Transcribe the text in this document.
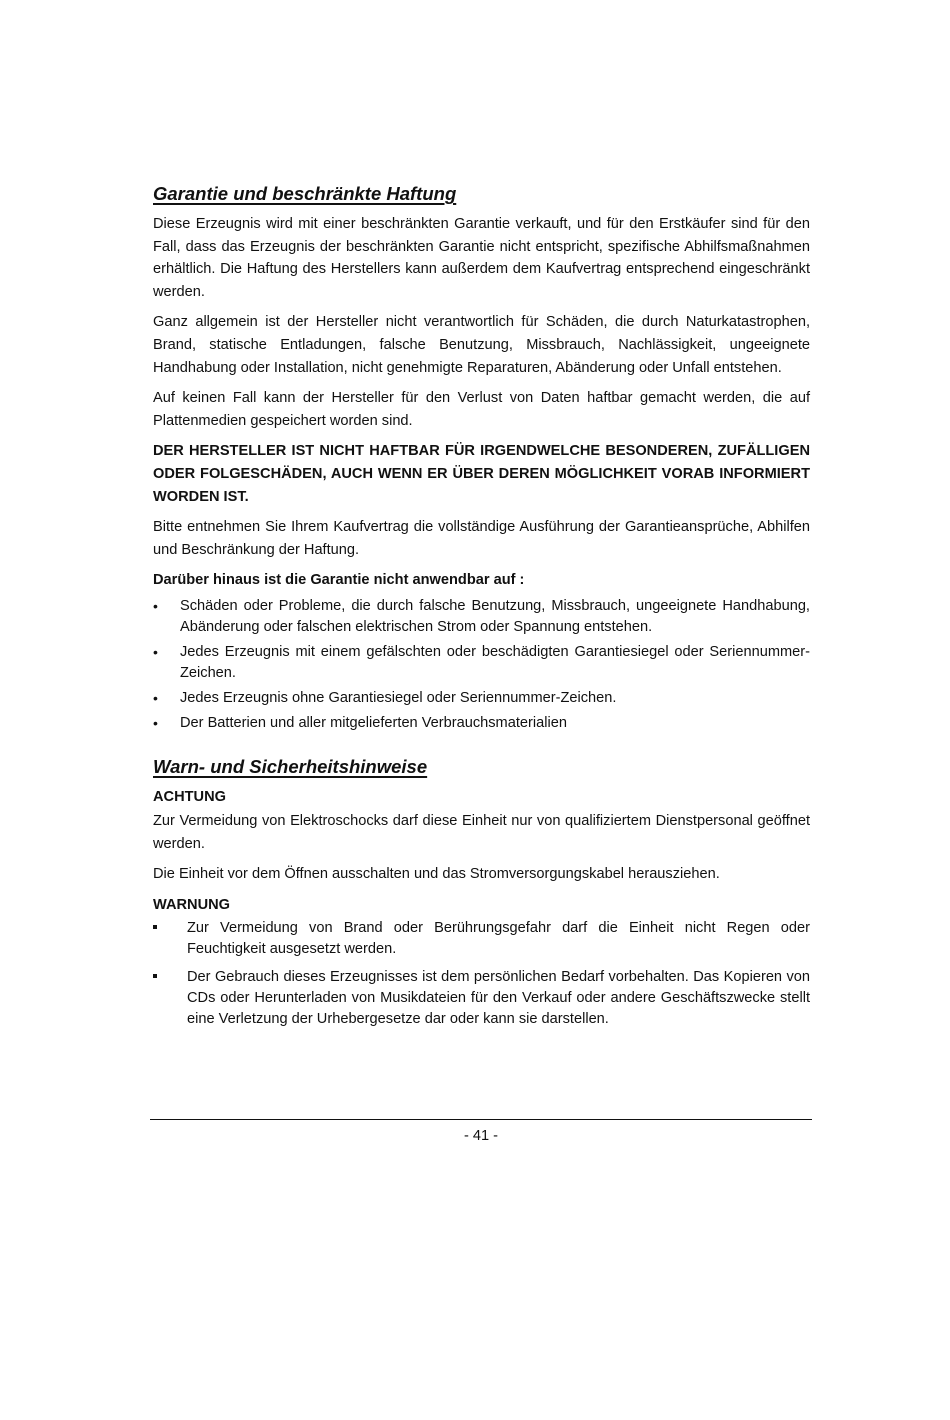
Garantie und beschränkte Haftung

Diese Erzeugnis wird mit einer beschränkten Garantie verkauft, und für den Erstkäufer sind für den Fall, dass das Erzeugnis der beschränkten Garantie nicht entspricht, spezifische Abhilfsmaßnahmen erhältlich. Die Haftung des Herstellers kann außerdem dem Kaufvertrag entsprechend eingeschränkt werden.

Ganz allgemein ist der Hersteller nicht verantwortlich für Schäden, die durch Naturkatastrophen, Brand, statische Entladungen, falsche Benutzung, Missbrauch, Nachlässigkeit, ungeeignete Handhabung oder Installation, nicht genehmigte Reparaturen, Abänderung oder Unfall entstehen.

Auf keinen Fall kann der Hersteller für den Verlust von Daten haftbar gemacht werden, die auf Plattenmedien gespeichert worden sind.

DER HERSTELLER IST NICHT HAFTBAR FÜR IRGENDWELCHE BESONDEREN, ZUFÄLLIGEN ODER FOLGESCHÄDEN, AUCH WENN ER ÜBER DEREN MÖGLICHKEIT VORAB INFORMIERT WORDEN IST.

Bitte entnehmen Sie Ihrem Kaufvertrag die vollständige Ausführung der Garantieansprüche, Abhilfen und Beschränkung der Haftung.

Darüber hinaus ist die Garantie nicht anwendbar auf :

• Schäden oder Probleme, die durch falsche Benutzung, Missbrauch, ungeeignete Handhabung, Abänderung oder falschen elektrischen Strom oder Spannung entstehen.
• Jedes Erzeugnis mit einem gefälschten oder beschädigten Garantiesiegel oder Seriennummer-Zeichen.
• Jedes Erzeugnis ohne Garantiesiegel oder Seriennummer-Zeichen.
• Der Batterien und aller mitgelieferten Verbrauchsmaterialien
Warn- und Sicherheitshinweise
ACHTUNG

Zur Vermeidung von Elektroschocks darf diese Einheit nur von qualifiziertem Dienstpersonal geöffnet werden.

Die Einheit vor dem Öffnen ausschalten und das Stromversorgungskabel herausziehen.

WARNUNG
Zur Vermeidung von Brand oder Berührungsgefahr darf die Einheit nicht Regen oder Feuchtigkeit ausgesetzt werden.
Der Gebrauch dieses Erzeugnisses ist dem persönlichen Bedarf vorbehalten. Das Kopieren von CDs oder Herunterladen von Musikdateien für den Verkauf oder andere Geschäftszwecke stellt eine Verletzung der Urhebergesetze dar oder kann sie darstellen.
- 41 -
